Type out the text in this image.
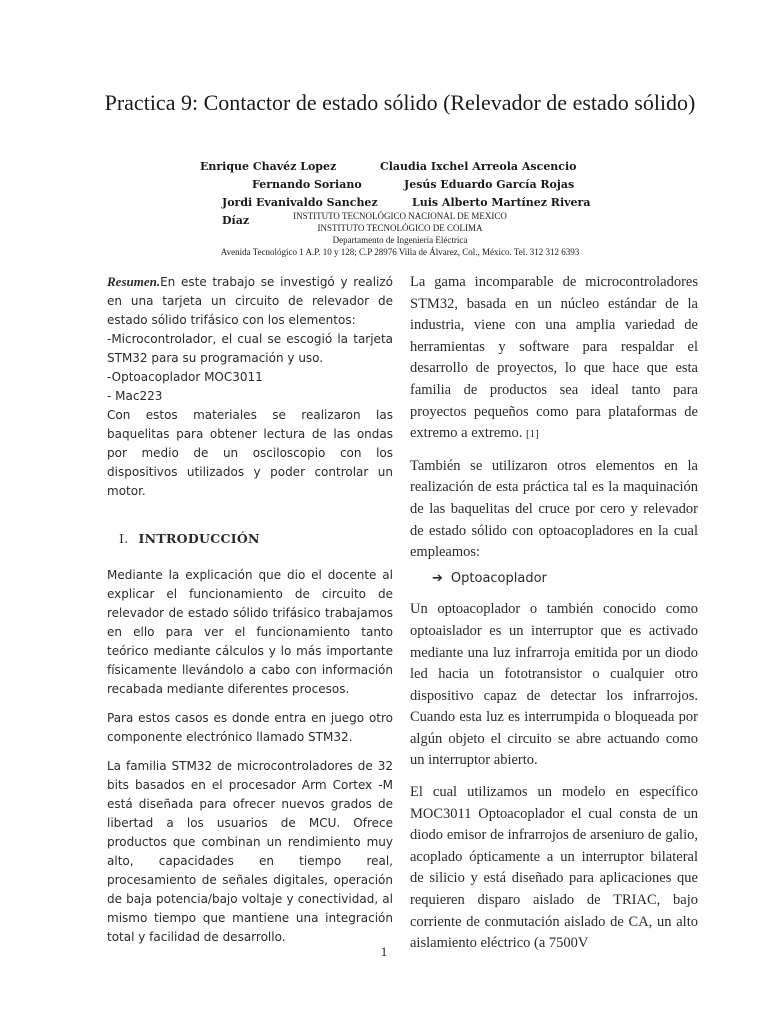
Practica 9: Contactor de estado sólido (Relevador de estado sólido)
Enrique Chavéz Lopez	Claudia Ixchel Arreola Ascencio
Fernando Soriano	Jesús Eduardo García Rojas
Jordi Evanivaldo Sanchez Díaz
Luis Alberto Martínez Rivera
INSTITUTO TECNOLÓGICO NACIONAL DE MEXICO
INSTITUTO TECNOLÓGICO DE COLIMA
Departamento de Ingeniería Eléctrica
Avenida Tecnológico 1 A.P. 10 y 128; C.P 28976 Villa de Álvarez, Col., México. Tel. 312 312 6393

Resumen.En este trabajo se investigó y realizó en una tarjeta un circuito de relevador de estado sólido trifásico con los elementos:

-Microcontrolador, el cual se escogió la tarjeta STM32 para su programación y uso.

-Optoacoplador MOC3011

- Mac223

Con estos materiales se realizaron las baquelitas para obtener lectura de las ondas por medio de un osciloscopio con los dispositivos utilizados y poder controlar un motor.

I. INTRODUCCIÓN

Mediante la explicación que dio el docente al explicar el funcionamiento de circuito de relevador de estado sólido trifásico trabajamos en ello para ver el funcionamiento tanto teórico mediante cálculos y lo más importante físicamente llevándolo a cabo con información recabada mediante diferentes procesos.

Para estos casos es donde entra en juego otro componente electrónico llamado STM32.

La familia STM32 de microcontroladores de 32 bits basados en el procesador Arm Cortex -M está diseñada para ofrecer nuevos grados de libertad a los usuarios de MCU. Ofrece productos que combinan un rendimiento muy alto, capacidades en tiempo real, procesamiento de señales digitales, operación de baja potencia/bajo voltaje y conectividad, al mismo tiempo que mantiene una integración total y facilidad de desarrollo.

La gama incomparable de microcontroladores STM32, basada en un núcleo estándar de la industria, viene con una amplia variedad de herramientas y software para respaldar el desarrollo de proyectos, lo que hace que esta familia de productos sea ideal tanto para proyectos pequeños como para plataformas de extremo a extremo. [1]

También se utilizaron otros elementos en la realización de esta práctica tal es la maquinación de las baquelitas del cruce por cero y relevador de estado sólido con optoacopladores en la cual empleamos:

➔ Optoacoplador

Un optoacoplador o también conocido como optoaislador es un interruptor que es activado mediante una luz infrarroja emitida por un diodo led hacia un fototransistor o cualquier otro dispositivo capaz de detectar los infrarrojos. Cuando esta luz es interrumpida o bloqueada por algún objeto el circuito se abre actuando como un interruptor abierto.

El cual utilizamos un modelo en específico MOC3011 Optoacoplador el cual consta de un diodo emisor de infrarrojos de arseniuro de galio, acoplado ópticamente a un interruptor bilateral de silicio y está diseñado para aplicaciones que requieren disparo aislado de TRIAC, bajo corriente de conmutación aislado de CA, un alto aislamiento eléctrico (a 7500V

1
